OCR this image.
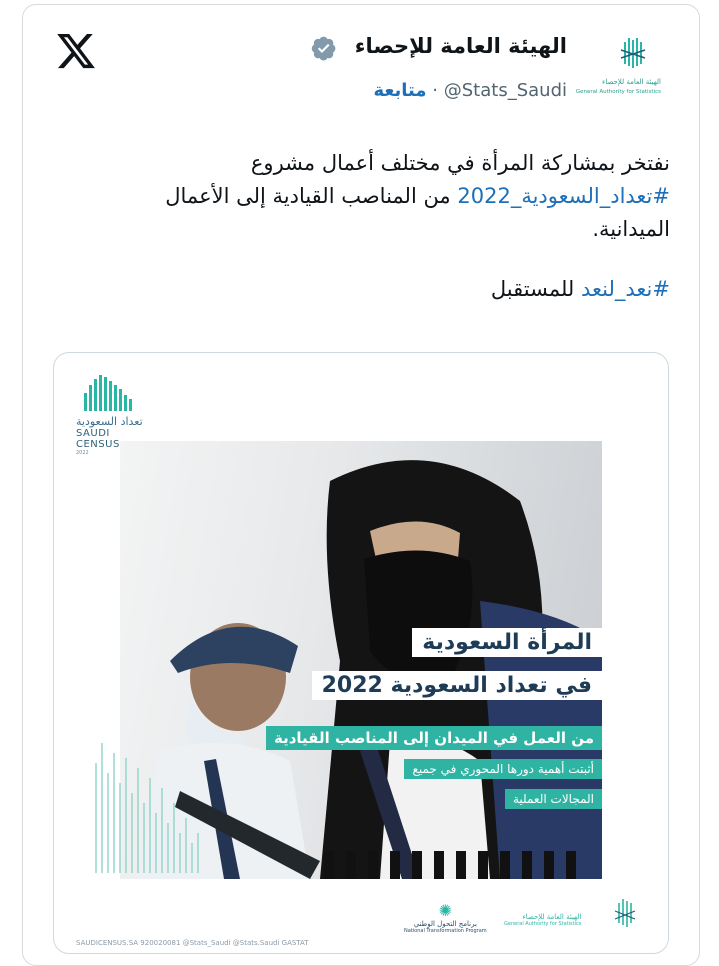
الهيئة العامة للإحصاء
General Authority for Statistics
الهيئة العامة للإحصاء
متابعة · @Stats_Saudi
نفتخر بمشاركة المرأة في مختلف أعمال مشروع
#تعداد_السعودية_2022 من المناصب القيادية إلى الأعمال
الميدانية.
#نعد_لنعد للمستقبل
تعداد السعودية
SAUDI CENSUS
2022
المرأة السعودية
في تعداد السعودية 2022
من العمل في الميدان إلى المناصب القيادية
أثبتت أهمية دورها المحوري في جميع
المجالات العملية
SAUDICENSUS.SA 920020081 @Stats_Saudi @Stats.Saudi GASTAT
✺
برنامج التحول الوطني
National Transformation Program
الهيئة العامة للإحصاء
General Authority for Statistics
